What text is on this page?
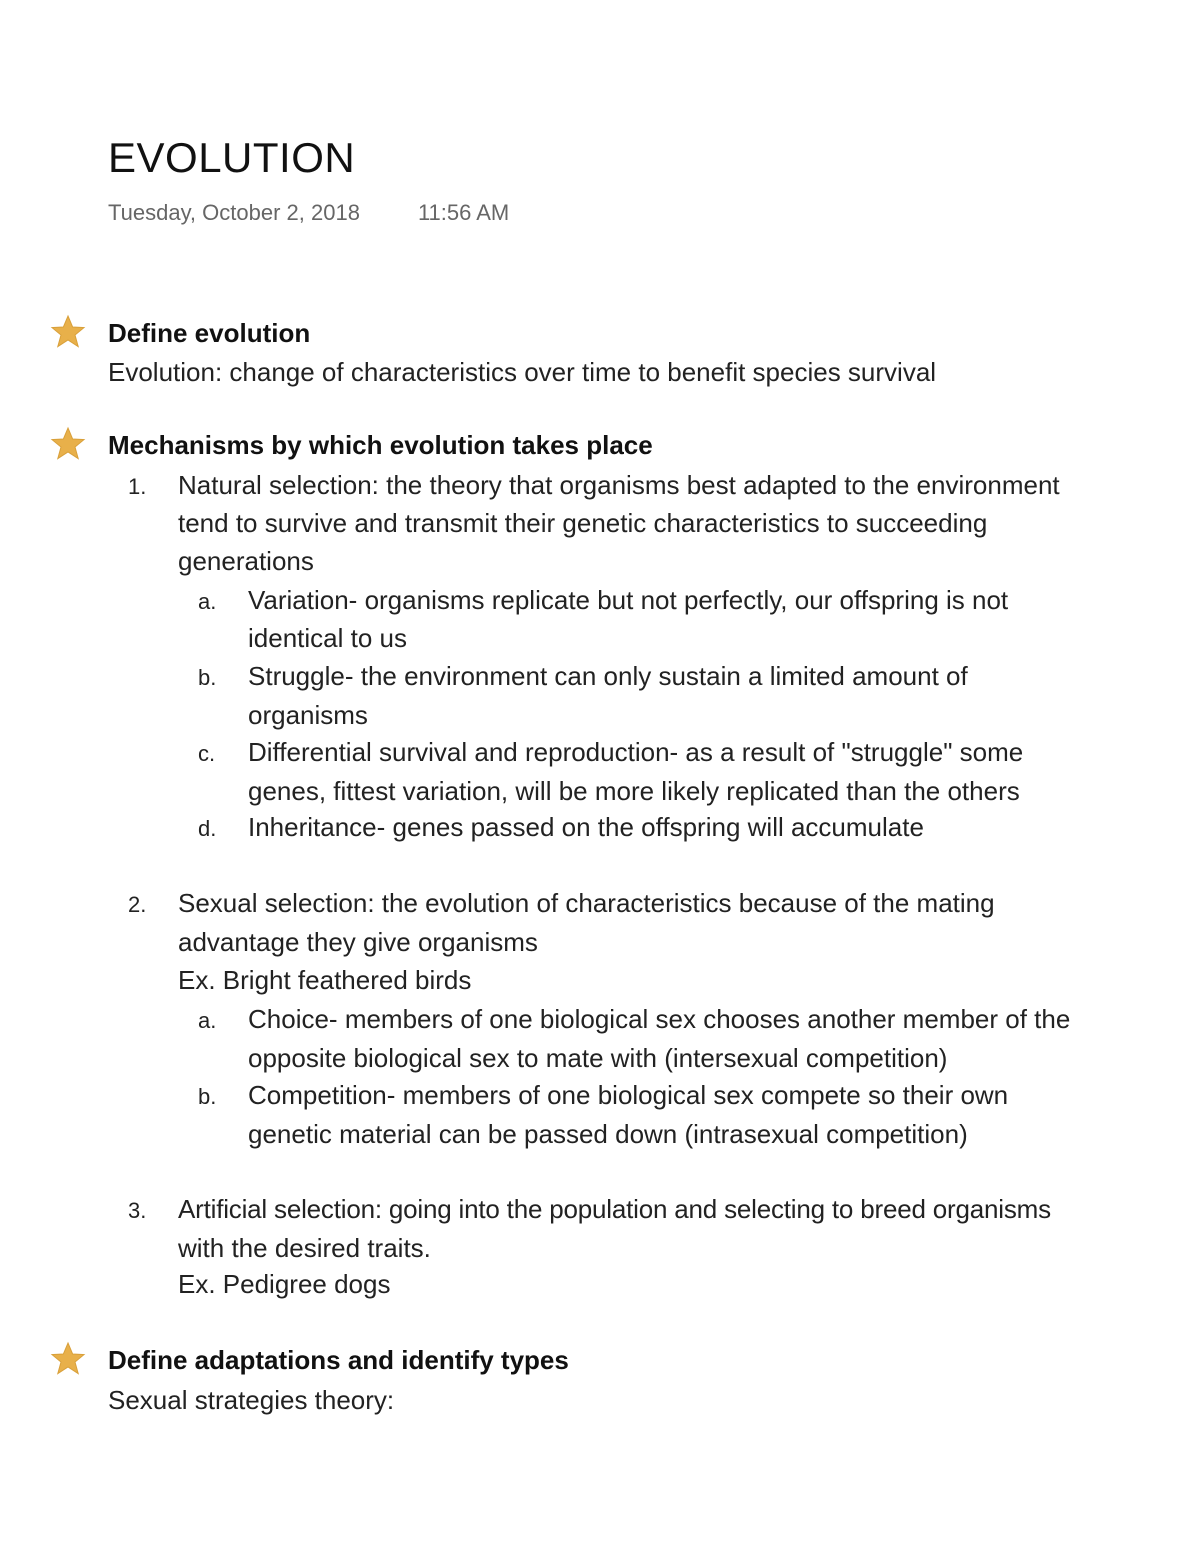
EVOLUTION
Tuesday, October 2, 2018	11:56 AM
Define evolution
Evolution: change of characteristics over time to benefit species survival
Mechanisms by which evolution takes place
1. Natural selection: the theory that organisms best adapted to the environment
tend to survive and transmit their genetic characteristics to succeeding
generations
a. Variation- organisms replicate but not perfectly, our offspring is not
identical to us
b. Struggle- the environment can only sustain a limited amount of
organisms
c. Differential survival and reproduction- as a result of "struggle" some
genes, fittest variation, will be more likely replicated than the others
d. Inheritance- genes passed on the offspring will accumulate
2. Sexual selection: the evolution of characteristics because of the mating
advantage they give organisms
Ex. Bright feathered birds
a. Choice- members of one biological sex chooses another member of the
opposite biological sex to mate with (intersexual competition)
b. Competition- members of one biological sex compete so their own
genetic material can be passed down (intrasexual competition)
3. Artificial selection: going into the population and selecting to breed organisms
with the desired traits.
Ex. Pedigree dogs
Define adaptations and identify types
Sexual strategies theory:
